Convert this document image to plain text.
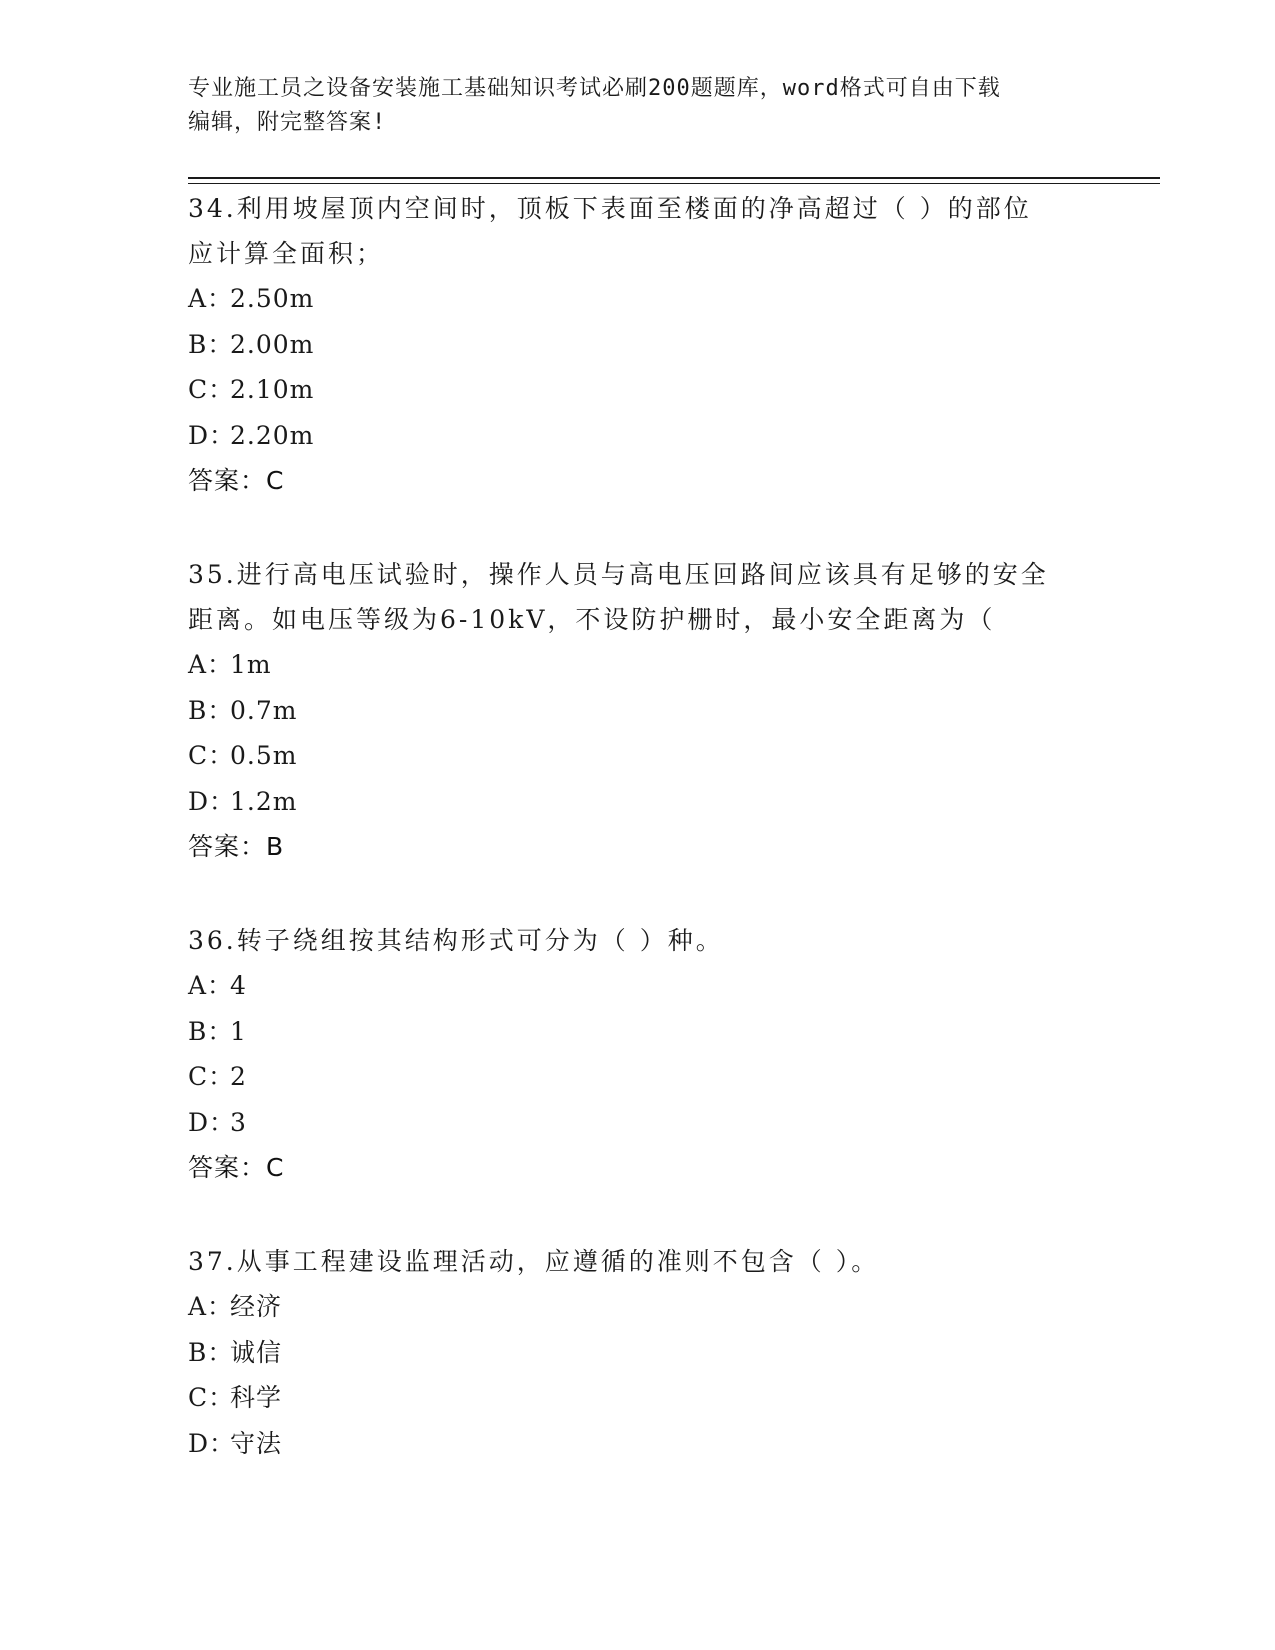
专业施工员之设备安装施工基础知识考试必刷200题题库，word格式可自由下载
编辑，附完整答案!
34.利用坡屋顶内空间时，顶板下表面至楼面的净高超过（ ）的部位
应计算全面积；
A：2.50m
B：2.00m
C：2.10m
D：2.20m
答案：C
35.进行高电压试验时，操作人员与高电压回路间应该具有足够的安全
距离。如电压等级为6-10kV，不设防护栅时，最小安全距离为（
A：1m
B：0.7m
C：0.5m
D：1.2m
答案：B
36.转子绕组按其结构形式可分为（ ）种。
A：4
B：1
C：2
D：3
答案：C
37.从事工程建设监理活动，应遵循的准则不包含（ ）。
A：经济
B：诚信
C：科学
D：守法
